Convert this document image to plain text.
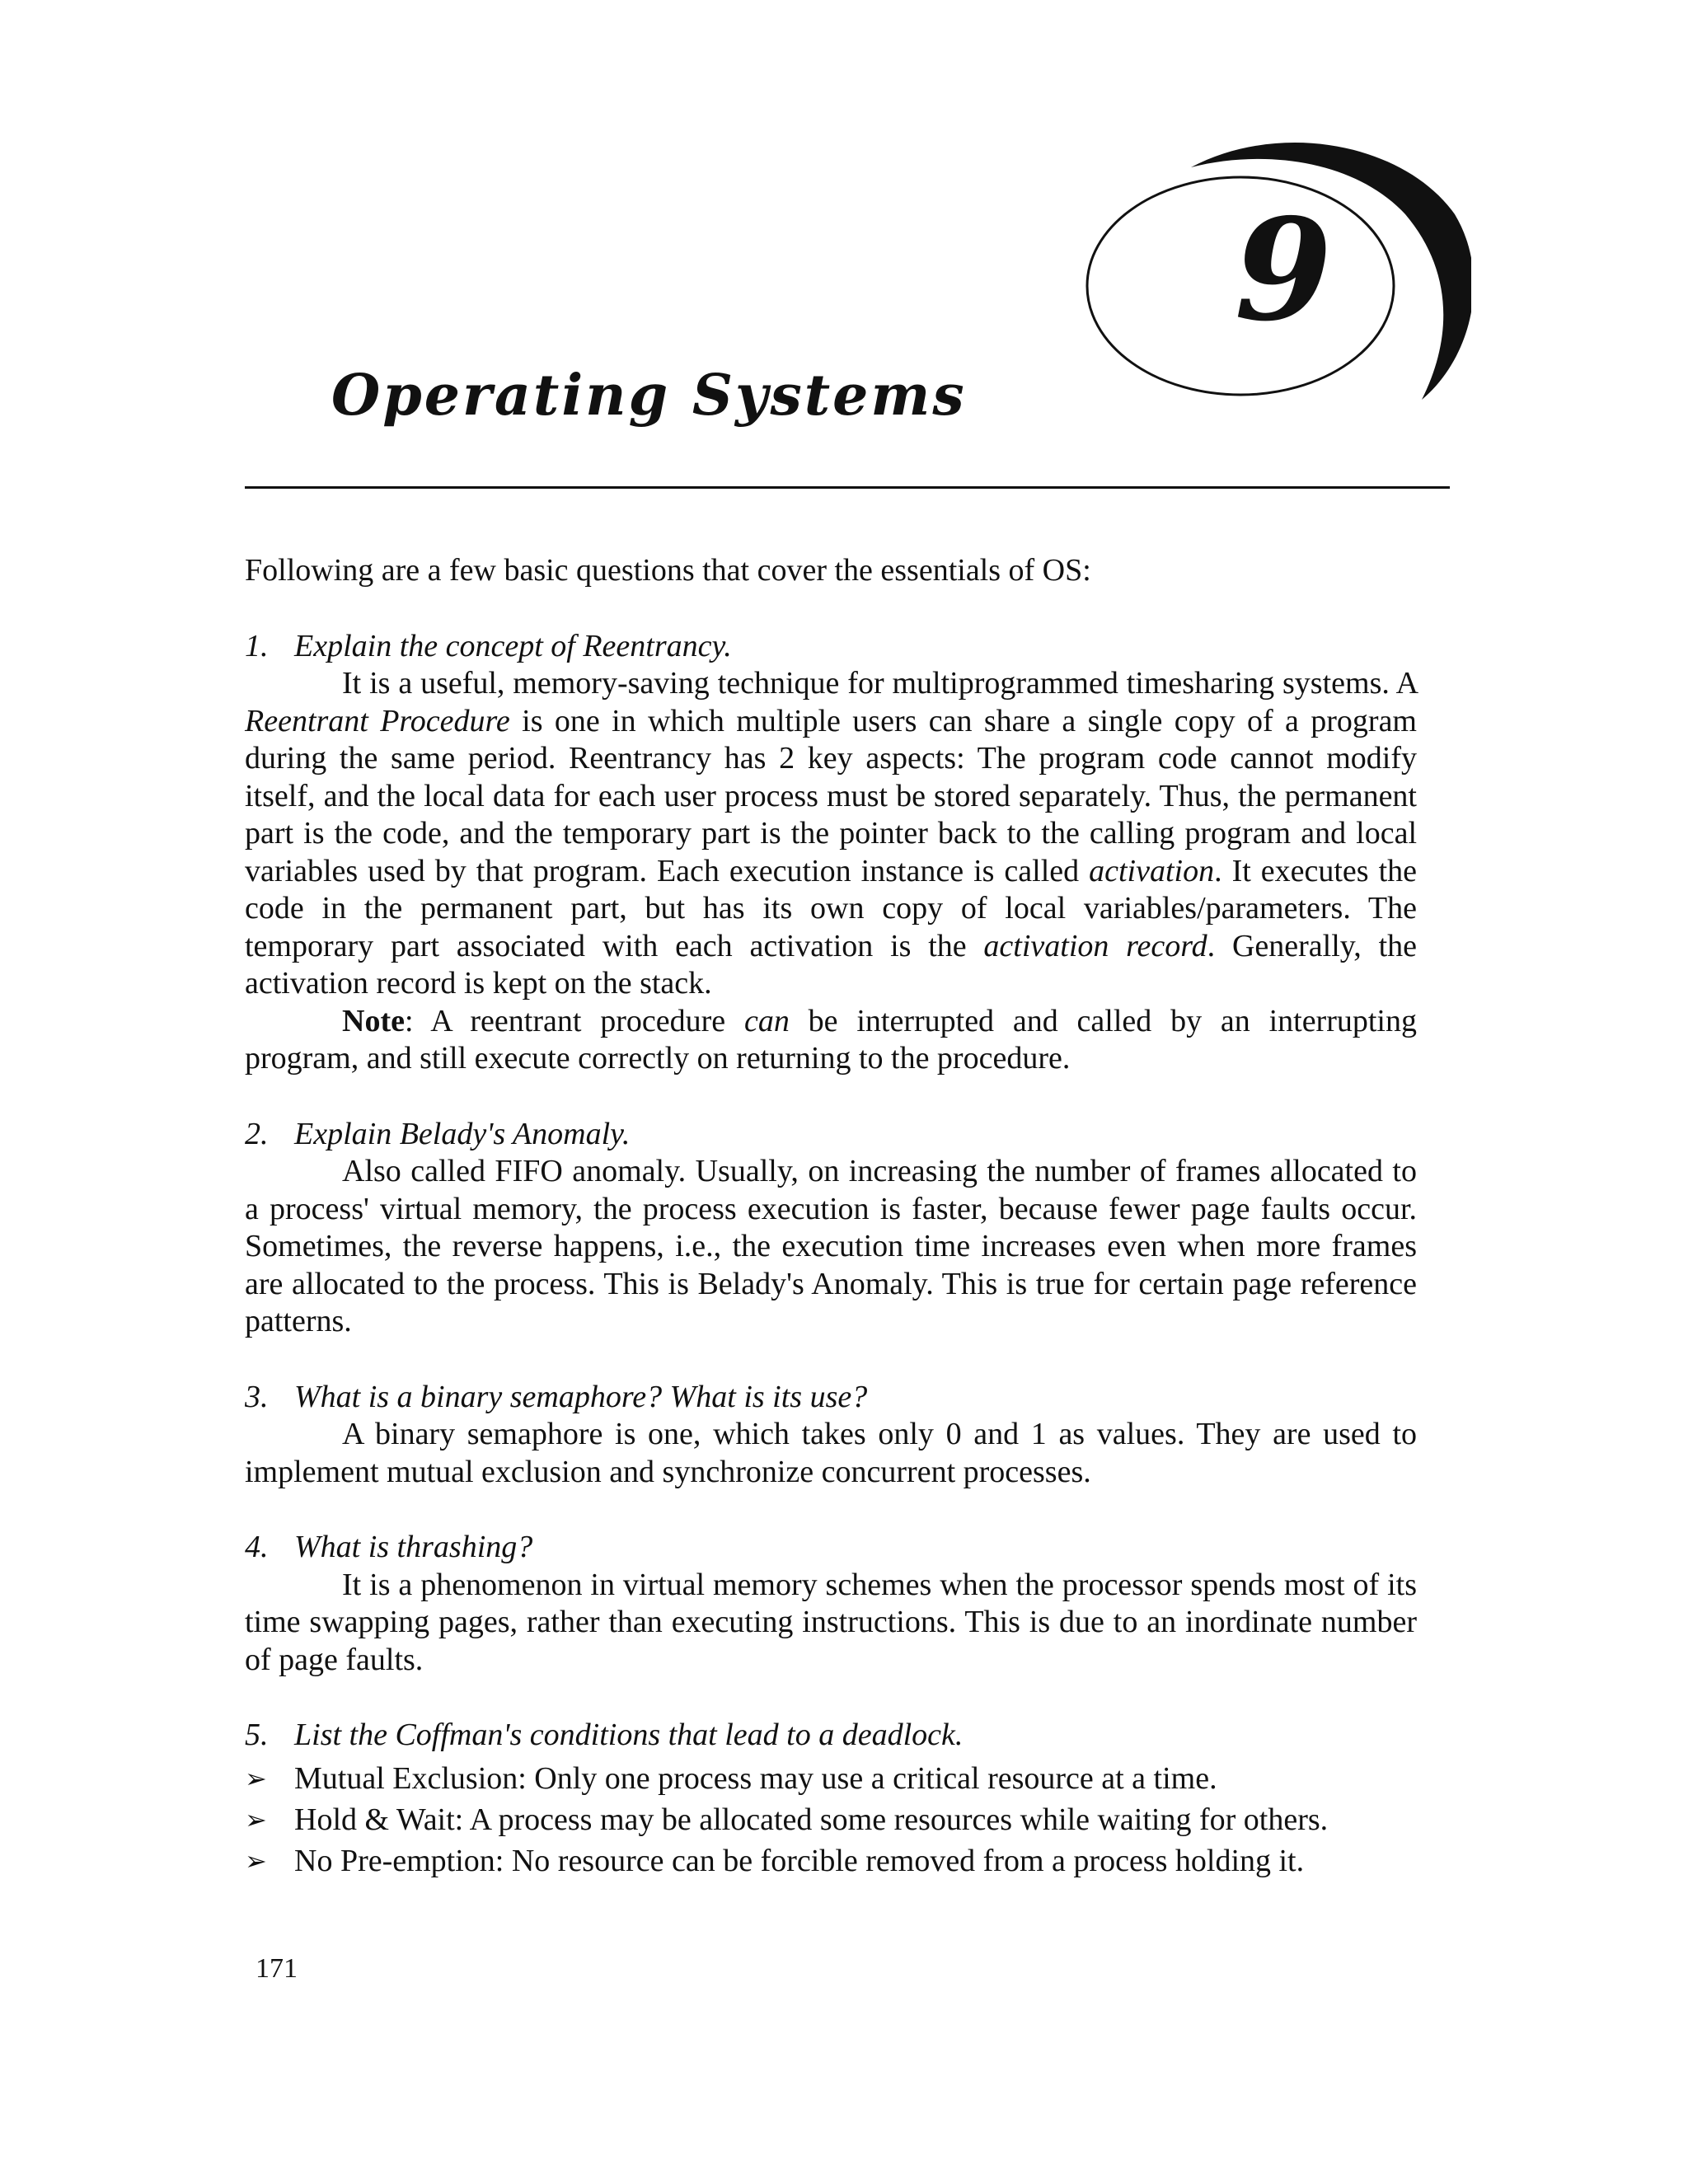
9
Operating Systems

Following are a few basic questions that cover the essentials of OS:

1. Explain the concept of Reentrancy.

It is a useful, memory-saving technique for multiprogrammed timesharing systems. A Reentrant Procedure is one in which multiple users can share a single copy of a program during the same period. Reentrancy has 2 key aspects: The program code cannot modify itself, and the local data for each user process must be stored separately. Thus, the permanent part is the code, and the temporary part is the pointer back to the calling program and local variables used by that program. Each execution instance is called activation. It executes the code in the permanent part, but has its own copy of local variables/parameters. The temporary part associated with each activation is the activation record. Generally, the activation record is kept on the stack.

Note: A reentrant procedure can be interrupted and called by an interrupting program, and still execute correctly on returning to the procedure.

2. Explain Belady's Anomaly.

Also called FIFO anomaly. Usually, on increasing the number of frames allocated to a process' virtual memory, the process execution is faster, because fewer page faults occur. Sometimes, the reverse happens, i.e., the execution time increases even when more frames are allocated to the process. This is Belady's Anomaly. This is true for certain page reference patterns.

3. What is a binary semaphore? What is its use?

A binary semaphore is one, which takes only 0 and 1 as values. They are used to implement mutual exclusion and synchronize concurrent processes.

4. What is thrashing?

It is a phenomenon in virtual memory schemes when the processor spends most of its time swapping pages, rather than executing instructions. This is due to an inordinate number of page faults.

5. List the Coffman's conditions that lead to a deadlock.

➢ Mutual Exclusion: Only one process may use a critical resource at a time.
➢ Hold & Wait: A process may be allocated some resources while waiting for others.
➢ No Pre-emption: No resource can be forcible removed from a process holding it.
171
